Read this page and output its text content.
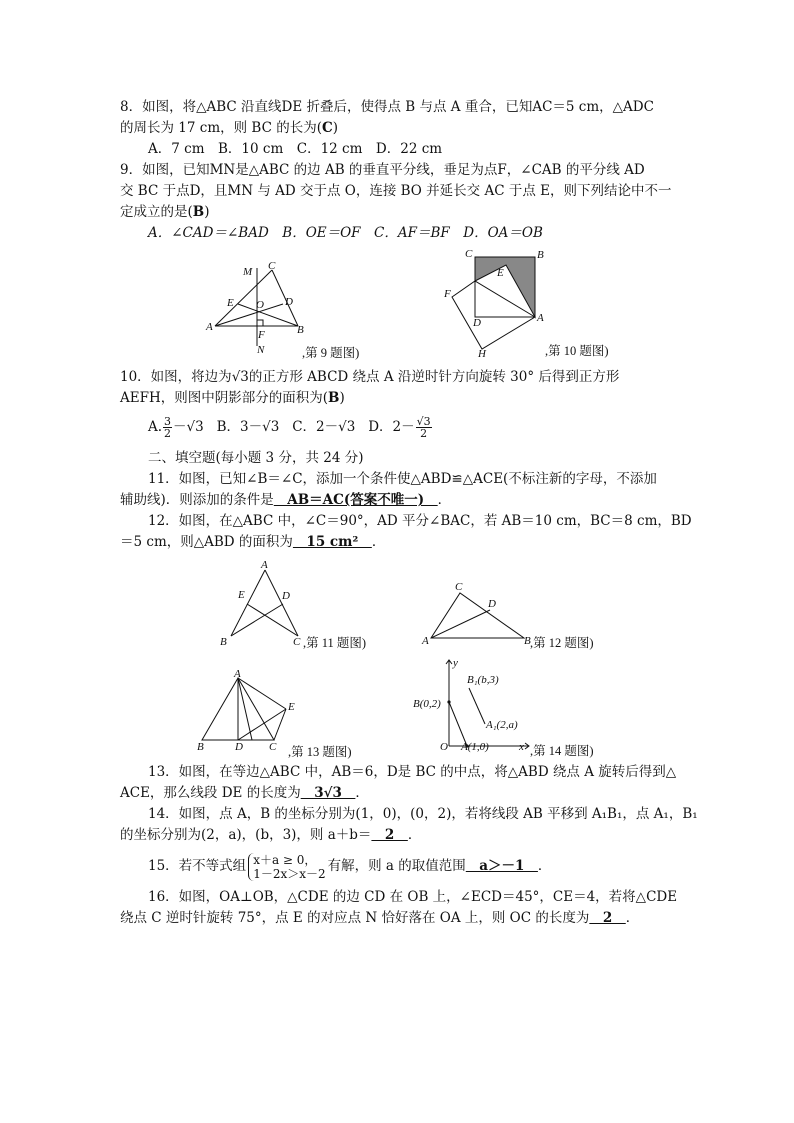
8．如图，将△ABC 沿直线DE 折叠后，使得点 B 与点 A 重合，已知AC＝5 cm，△ADC
的周长为 17 cm，则 BC 的长为(C)
A．7 cm　B．10 cm　C．12 cm　D．22 cm
9．如图，已知MN是△ABC 的边 AB 的垂直平分线，垂足为点F，∠CAB 的平分线 AD
交 BC 于点D，且MN 与 AD 交于点 O，连接 BO 并延长交 AC 于点 E，则下列结论中不一
定成立的是(B)
A．∠CAD＝∠BAD　B．OE＝OF　C．AF＝BF　D．OA＝OB
M C
E O D
A
F	B
N	,第 9 题图)
C	B
E
F
D	A
H	,第 10 题图)
10．如图，将边为√3的正方形 ABCD 绕点 A 沿逆时针方向旋转 30° 后得到正方形
AEFH，则图中阴影部分的面积为(B)
A. $\frac{3}{2} -√3$ B．3－√3 C．2－√3 D．$2- \frac{√3}{2}$
二、填空题(每小题 3 分，共 24 分)
11．如图，已知∠B＝∠C，添加一个条件使△ABD≌△ACE(不标注新的字母，不添加
辅助线)．则添加的条件是　AB＝AC(答案不唯一)　．
12．如图，在△ABC 中，∠C＝90°，AD 平分∠BAC，若 AB＝10 cm，BC＝8 cm，BD
＝5 cm，则△ABD 的面积为　15 cm²　．
A
E	D
B	C ,第 11 题图)
C
D
A	B ,第 12 题图)
A
E
B	D C ,第 13 题图)
y
B₁(b,3)
B(0,2)
A₁(2,a)
O A(1,0)	x ,第 14 题图)
13．如图，在等边△ABC 中，AB＝6，D是 BC 的中点，将△ABD 绕点 A 旋转后得到△
ACE，那么线段 DE 的长度为　3√3　．
14．如图，点 A，B 的坐标分别为(1，0)，(0，2)，若将线段 AB 平移到 A₁B₁，点 A₁，B₁
的坐标分别为(2，a)，(b，3)，则 a＋b＝　2　．
15．若不等式组 x＋a ≥ 0，
1－2x＞x－2 有解，则 a 的取值范围　a＞－1　．
16．如图，OA⊥OB，△CDE 的边 CD 在 OB 上，∠ECD＝45°，CE＝4，若将△CDE
绕点 C 逆时针旋转 75°，点 E 的对应点 N 恰好落在 OA 上，则 OC 的长度为　2　．
